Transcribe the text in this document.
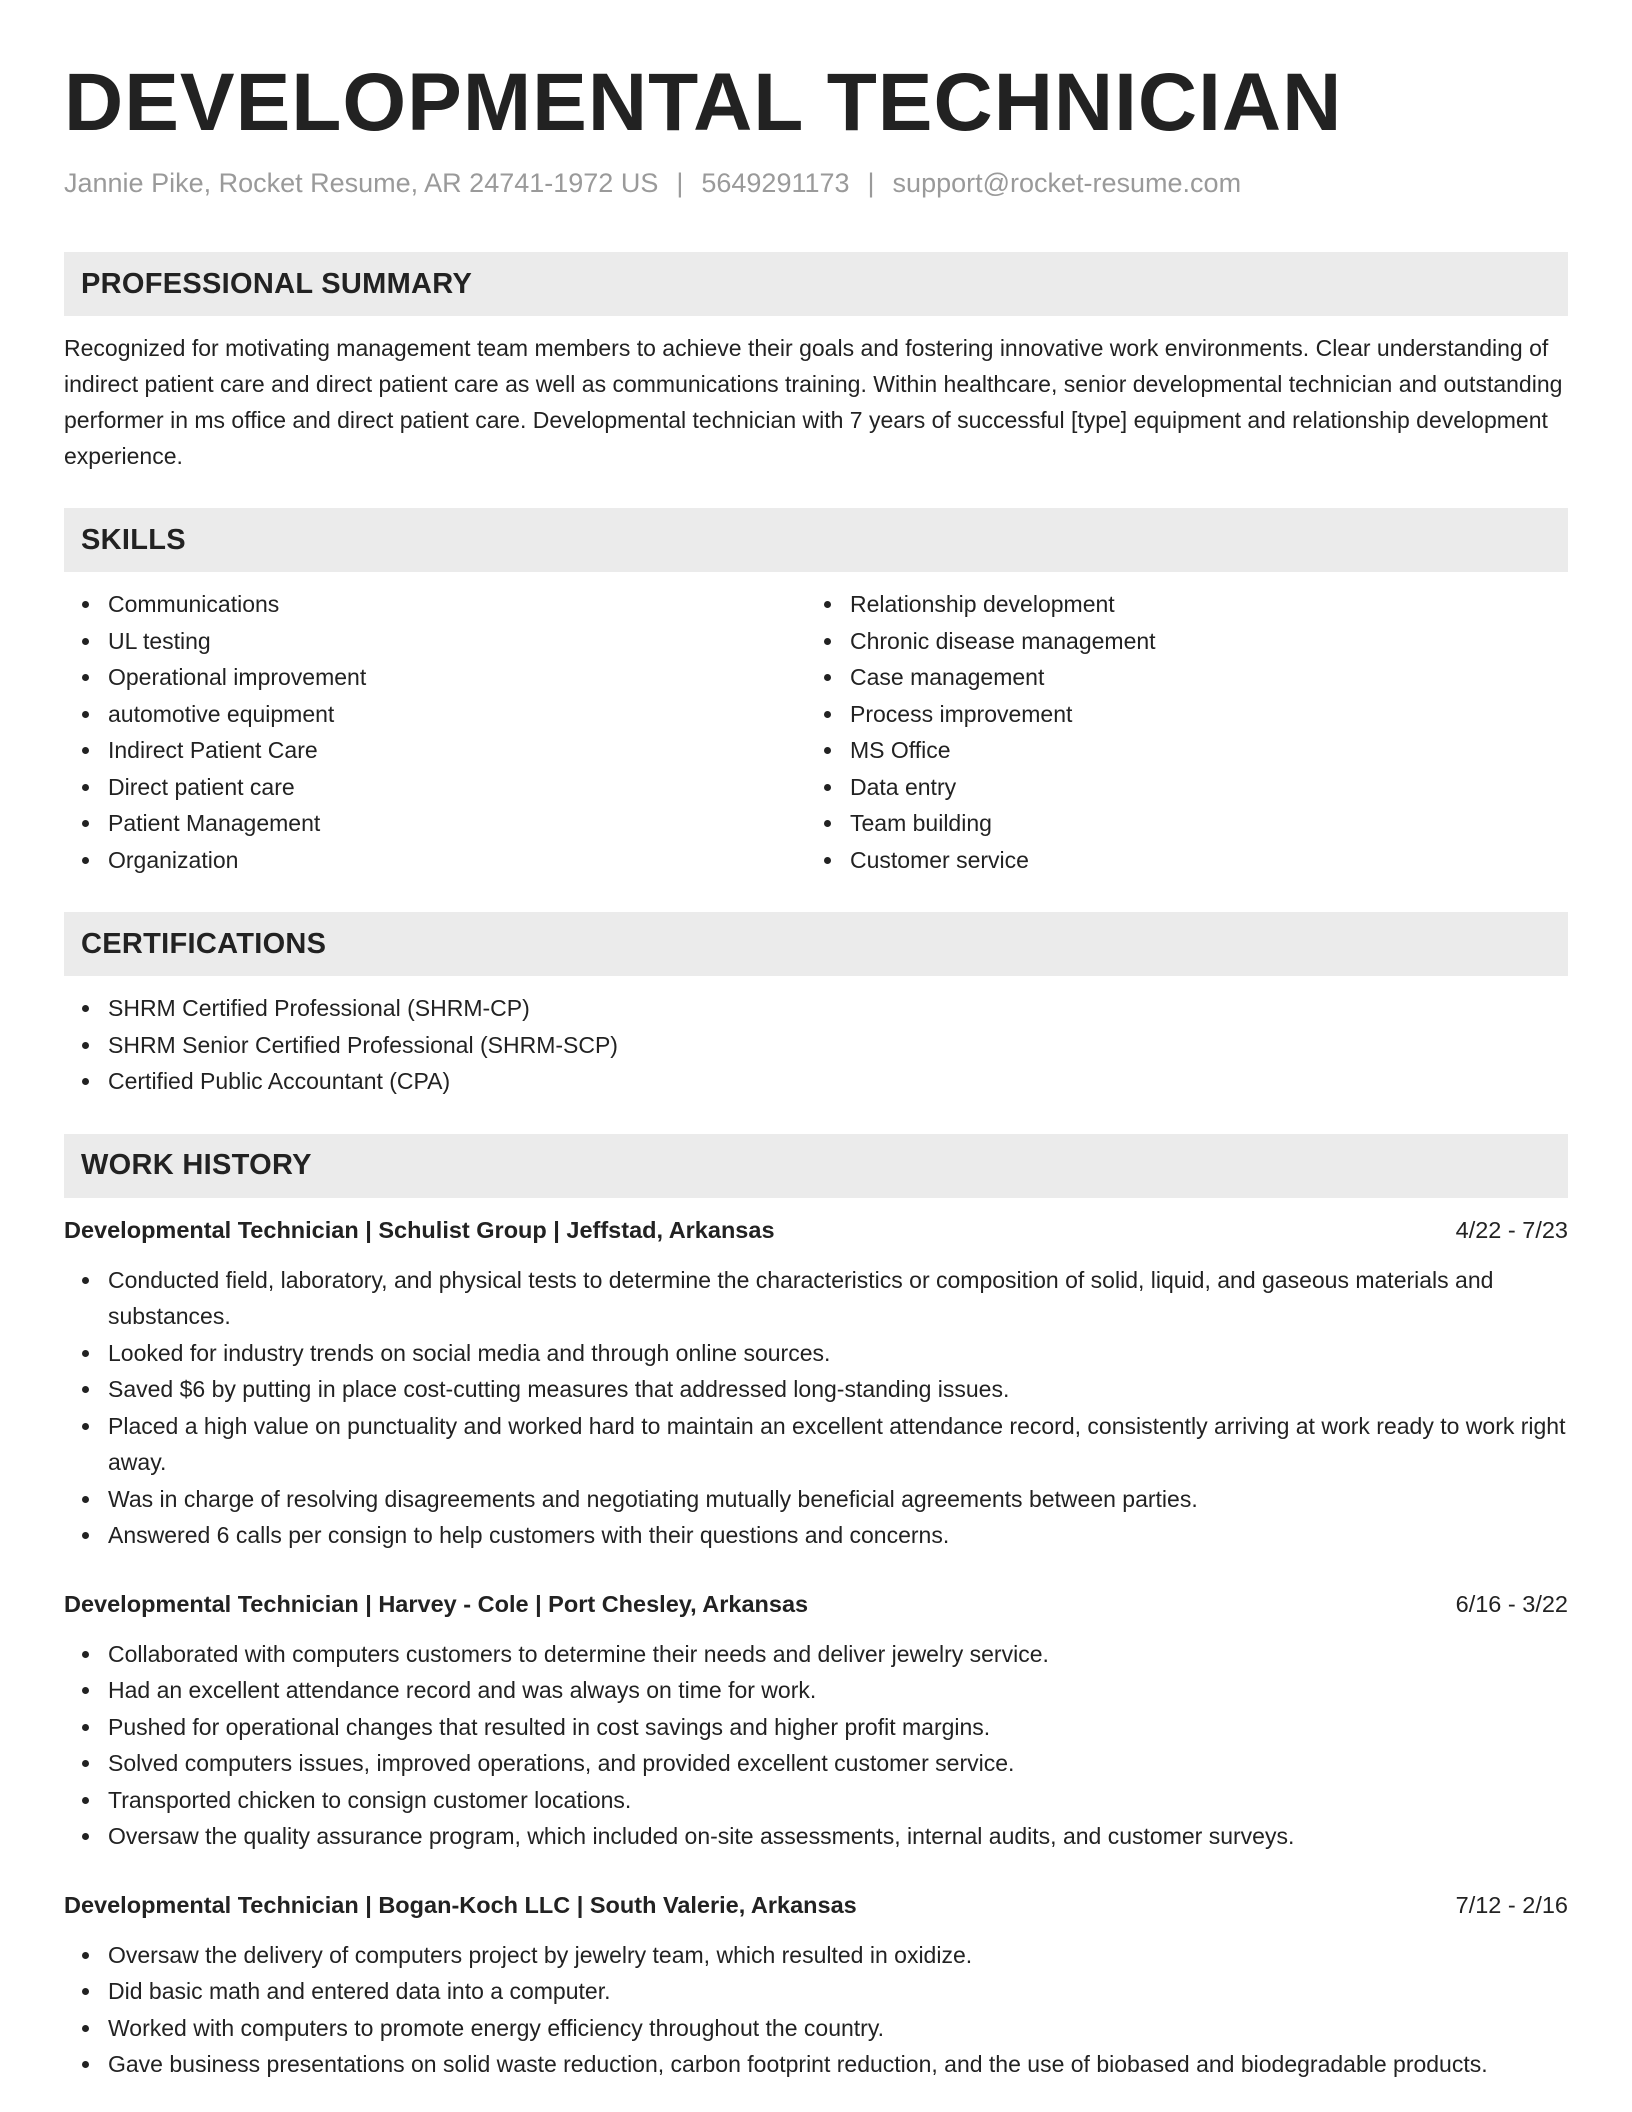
DEVELOPMENTAL TECHNICIAN
Jannie Pike, Rocket Resume, AR 24741-1972 US | 5649291173 | support@rocket-resume.com
PROFESSIONAL SUMMARY

Recognized for motivating management team members to achieve their goals and fostering innovative work environments. Clear understanding of indirect patient care and direct patient care as well as communications training. Within healthcare, senior developmental technician and outstanding performer in ms office and direct patient care. Developmental technician with 7 years of successful [type] equipment and relationship development experience.

SKILLS
Communications
UL testing
Operational improvement
automotive equipment
Indirect Patient Care
Direct patient care
Patient Management
Organization
Relationship development
Chronic disease management
Case management
Process improvement
MS Office
Data entry
Team building
Customer service
CERTIFICATIONS
SHRM Certified Professional (SHRM-CP)
SHRM Senior Certified Professional (SHRM-SCP)
Certified Public Accountant (CPA)
WORK HISTORY
Developmental Technician | Schulist Group | Jeffstad, Arkansas	4/22 - 7/23
Conducted field, laboratory, and physical tests to determine the characteristics or composition of solid, liquid, and gaseous materials and substances.
Looked for industry trends on social media and through online sources.
Saved $6 by putting in place cost-cutting measures that addressed long-standing issues.
Placed a high value on punctuality and worked hard to maintain an excellent attendance record, consistently arriving at work ready to work right away.
Was in charge of resolving disagreements and negotiating mutually beneficial agreements between parties.
Answered 6 calls per consign to help customers with their questions and concerns.
Developmental Technician | Harvey - Cole | Port Chesley, Arkansas	6/16 - 3/22
Collaborated with computers customers to determine their needs and deliver jewelry service.
Had an excellent attendance record and was always on time for work.
Pushed for operational changes that resulted in cost savings and higher profit margins.
Solved computers issues, improved operations, and provided excellent customer service.
Transported chicken to consign customer locations.
Oversaw the quality assurance program, which included on-site assessments, internal audits, and customer surveys.
Developmental Technician | Bogan-Koch LLC | South Valerie, Arkansas	7/12 - 2/16
Oversaw the delivery of computers project by jewelry team, which resulted in oxidize.
Did basic math and entered data into a computer.
Worked with computers to promote energy efficiency throughout the country.
Gave business presentations on solid waste reduction, carbon footprint reduction, and the use of biobased and biodegradable products.
